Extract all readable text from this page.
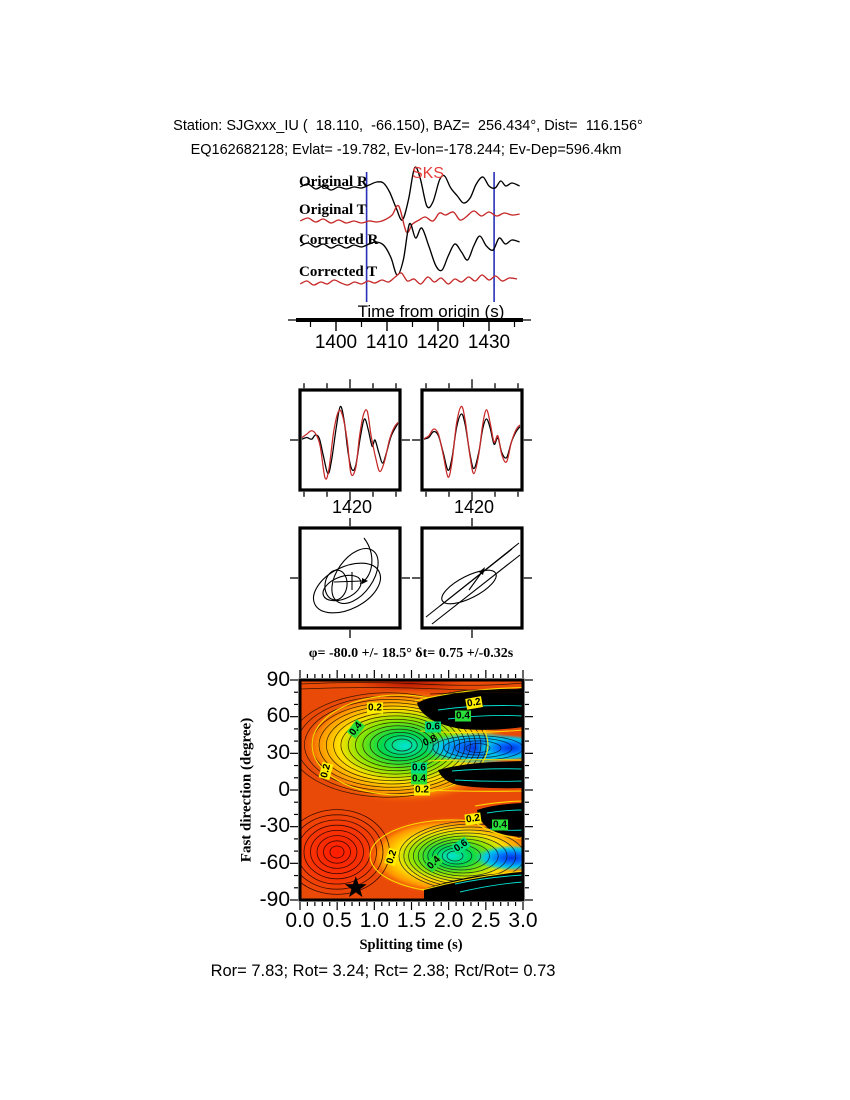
Station: SJGxxx_IU (  18.110,  -66.150), BAZ=  256.434°, Dist=  116.156°
EQ162682128; Evlat= -19.782, Ev-lon=-178.244; Ev-Dep=596.4km
Original R
Original T
Corrected R
Corrected T
SKS
1400 1410 1420 1430
Time from origin (s)
1420	1420
0.0 0.5 1.0 1.5 2.0 2.5 3.0
90
60
30
0
-30
-60
-90
φ= -80.0 +/- 18.5° δt= 0.75 +/-0.32s
Splitting time (s)
Fast direction (degree)
0.2
0.4
0.2
0.4
0.6
0.8
0.2	0.6
0.4
0.2
0.2 0.4
0.6
0.2	0.4
Ror= 7.83; Rot= 3.24; Rct= 2.38; Rct/Rot= 0.73
